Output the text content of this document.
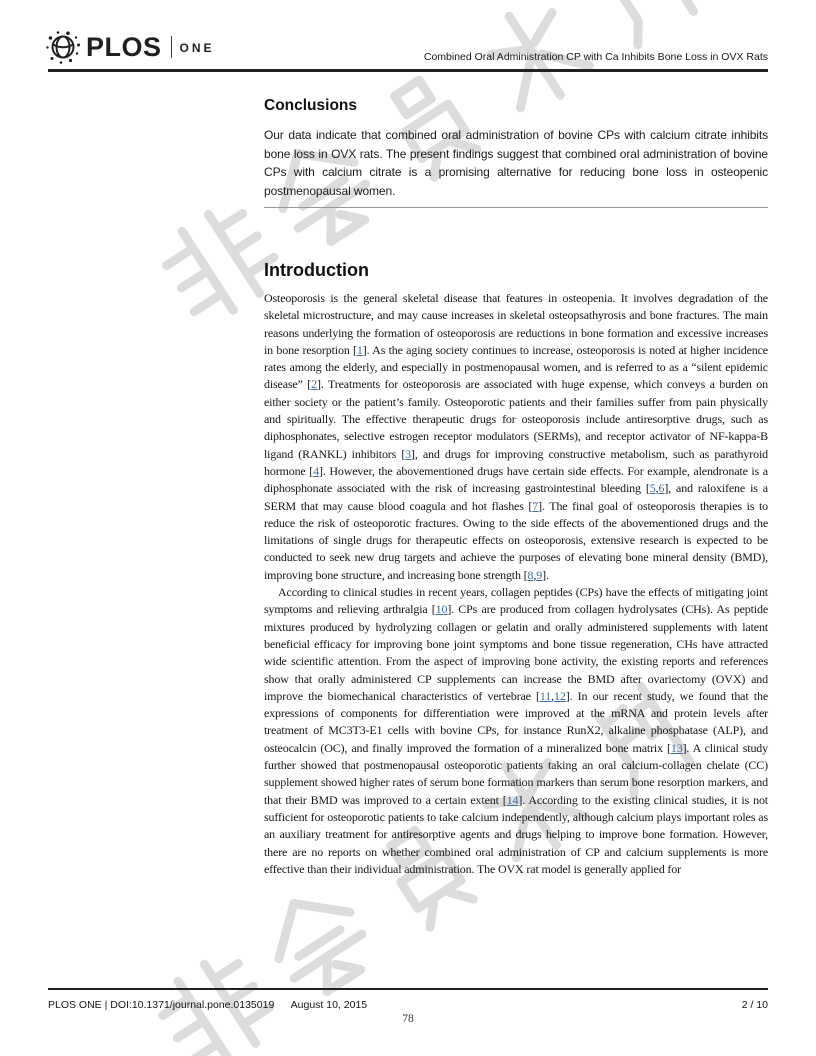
PLOS ONE
Combined Oral Administration CP with Ca Inhibits Bone Loss in OVX Rats
Conclusions

Our data indicate that combined oral administration of bovine CPs with calcium citrate inhibits bone loss in OVX rats. The present findings suggest that combined oral administration of bovine CPs with calcium citrate is a promising alternative for reducing bone loss in osteopenic postmenopausal women.

Introduction

Osteoporosis is the general skeletal disease that features in osteopenia. It involves degradation of the skeletal microstructure, and may cause increases in skeletal osteopsathyrosis and bone fractures. The main reasons underlying the formation of osteoporosis are reductions in bone formation and excessive increases in bone resorption [1]. As the aging society continues to increase, osteoporosis is noted at higher incidence rates among the elderly, and especially in postmenopausal women, and is referred to as a “silent epidemic disease” [2]. Treatments for osteoporosis are associated with huge expense, which conveys a burden on either society or the patient’s family. Osteoporotic patients and their families suffer from pain physically and spiritually. The effective therapeutic drugs for osteoporosis include antiresorptive drugs, such as diphosphonates, selective estrogen receptor modulators (SERMs), and receptor activator of NF-kappa-B ligand (RANKL) inhibitors [3], and drugs for improving constructive metabolism, such as parathyroid hormone [4]. However, the abovementioned drugs have certain side effects. For example, alendronate is a diphosphonate associated with the risk of increasing gastrointestinal bleeding [5,6], and raloxifene is a SERM that may cause blood coagula and hot flashes [7]. The final goal of osteoporosis therapies is to reduce the risk of osteoporotic fractures. Owing to the side effects of the abovementioned drugs and the limitations of single drugs for therapeutic effects on osteoporosis, extensive research is expected to be conducted to seek new drug targets and achieve the purposes of elevating bone mineral density (BMD), improving bone structure, and increasing bone strength [8,9].

According to clinical studies in recent years, collagen peptides (CPs) have the effects of mitigating joint symptoms and relieving arthralgia [10]. CPs are produced from collagen hydrolysates (CHs). As peptide mixtures produced by hydrolyzing collagen or gelatin and orally administered supplements with latent beneficial efficacy for improving bone joint symptoms and bone tissue regeneration, CHs have attracted wide scientific attention. From the aspect of improving bone activity, the existing reports and references show that orally administered CP supplements can increase the BMD after ovariectomy (OVX) and improve the biomechanical characteristics of vertebrae [11,12]. In our recent study, we found that the expressions of components for differentiation were improved at the mRNA and protein levels after treatment of MC3T3-E1 cells with bovine CPs, for instance RunX2, alkaline phosphatase (ALP), and osteocalcin (OC), and finally improved the formation of a mineralized bone matrix [13]. A clinical study further showed that postmenopausal osteoporotic patients taking an oral calcium-collagen chelate (CC) supplement showed higher rates of serum bone formation markers than serum bone resorption markers, and that their BMD was improved to a certain extent [14]. According to the existing clinical studies, it is not sufficient for osteoporotic patients to take calcium independently, although calcium plays important roles as an auxiliary treatment for antiresorptive agents and drugs helping to improve bone formation. However, there are no reports on whether combined oral administration of CP and calcium supplements is more effective than their individual administration. The OVX rat model is generally applied for

PLOS ONE | DOI:10.1371/journal.pone.0135019 August 10, 2015	2 / 10
78
